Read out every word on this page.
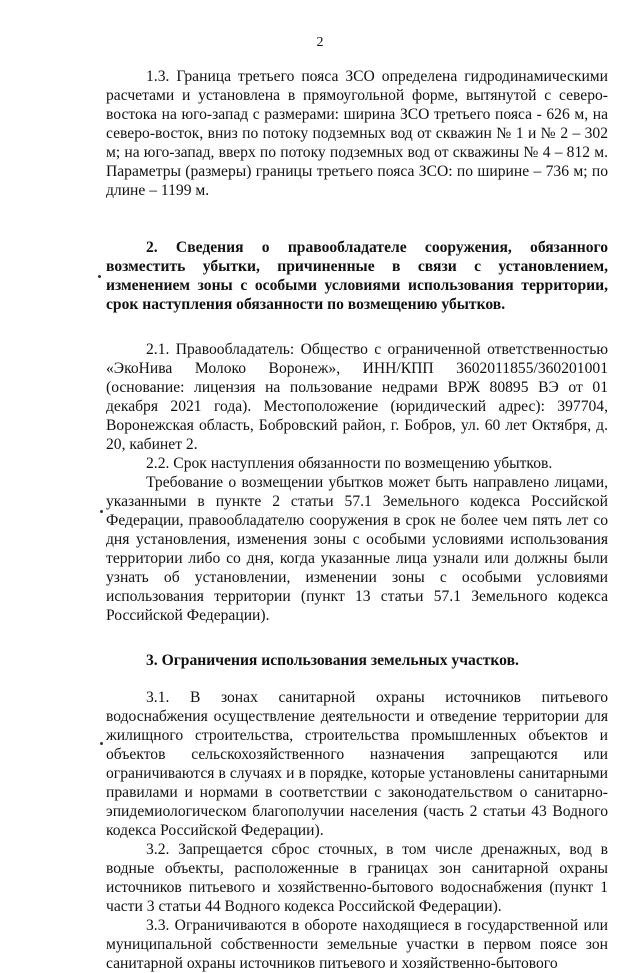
2

1.3. Граница третьего пояса ЗСО определена гидродинамическими расчетами и установлена в прямоугольной форме, вытянутой с северо-востока на юго-запад с размерами: ширина ЗСО третьего пояса - 626 м, на северо-восток, вниз по потоку подземных вод от скважин № 1 и № 2 – 302 м; на юго-запад, вверх по потоку подземных вод от скважины № 4 – 812 м. Параметры (размеры) границы третьего пояса ЗСО: по ширине – 736 м; по длине – 1199 м.

2. Сведения о правообладателе сооружения, обязанного возместить убытки, причиненные в связи с установлением, изменением зоны с особыми условиями использования территории, срок наступления обязанности по возмещению убытков.

2.1. Правообладатель: Общество с ограниченной ответственностью «ЭкоНива Молоко Воронеж», ИНН/КПП 3602011855/360201001 (основание: лицензия на пользование недрами ВРЖ 80895 ВЭ от 01 декабря 2021 года). Местоположение (юридический адрес): 397704, Воронежская область, Бобровский район, г. Бобров, ул. 60 лет Октября, д. 20, кабинет 2.

2.2. Срок наступления обязанности по возмещению убытков.

Требование о возмещении убытков может быть направлено лицами, указанными в пункте 2 статьи 57.1 Земельного кодекса Российской Федерации, правообладателю сооружения в срок не более чем пять лет со дня установления, изменения зоны с особыми условиями использования территории либо со дня, когда указанные лица узнали или должны были узнать об установлении, изменении зоны с особыми условиями использования территории (пункт 13 статьи 57.1 Земельного кодекса Российской Федерации).

3. Ограничения использования земельных участков.

3.1. В зонах санитарной охраны источников питьевого водоснабжения осуществление деятельности и отведение территории для жилищного строительства, строительства промышленных объектов и объектов сельскохозяйственного назначения запрещаются или ограничиваются в случаях и в порядке, которые установлены санитарными правилами и нормами в соответствии с законодательством о санитарно-эпидемиологическом благополучии населения (часть 2 статьи 43 Водного кодекса Российской Федерации).

3.2. Запрещается сброс сточных, в том числе дренажных, вод в водные объекты, расположенные в границах зон санитарной охраны источников питьевого и хозяйственно-бытового водоснабжения (пункт 1 части 3 статьи 44 Водного кодекса Российской Федерации).

3.3. Ограничиваются в обороте находящиеся в государственной или муниципальной собственности земельные участки в первом поясе зон санитарной охраны источников питьевого и хозяйственно-бытового
